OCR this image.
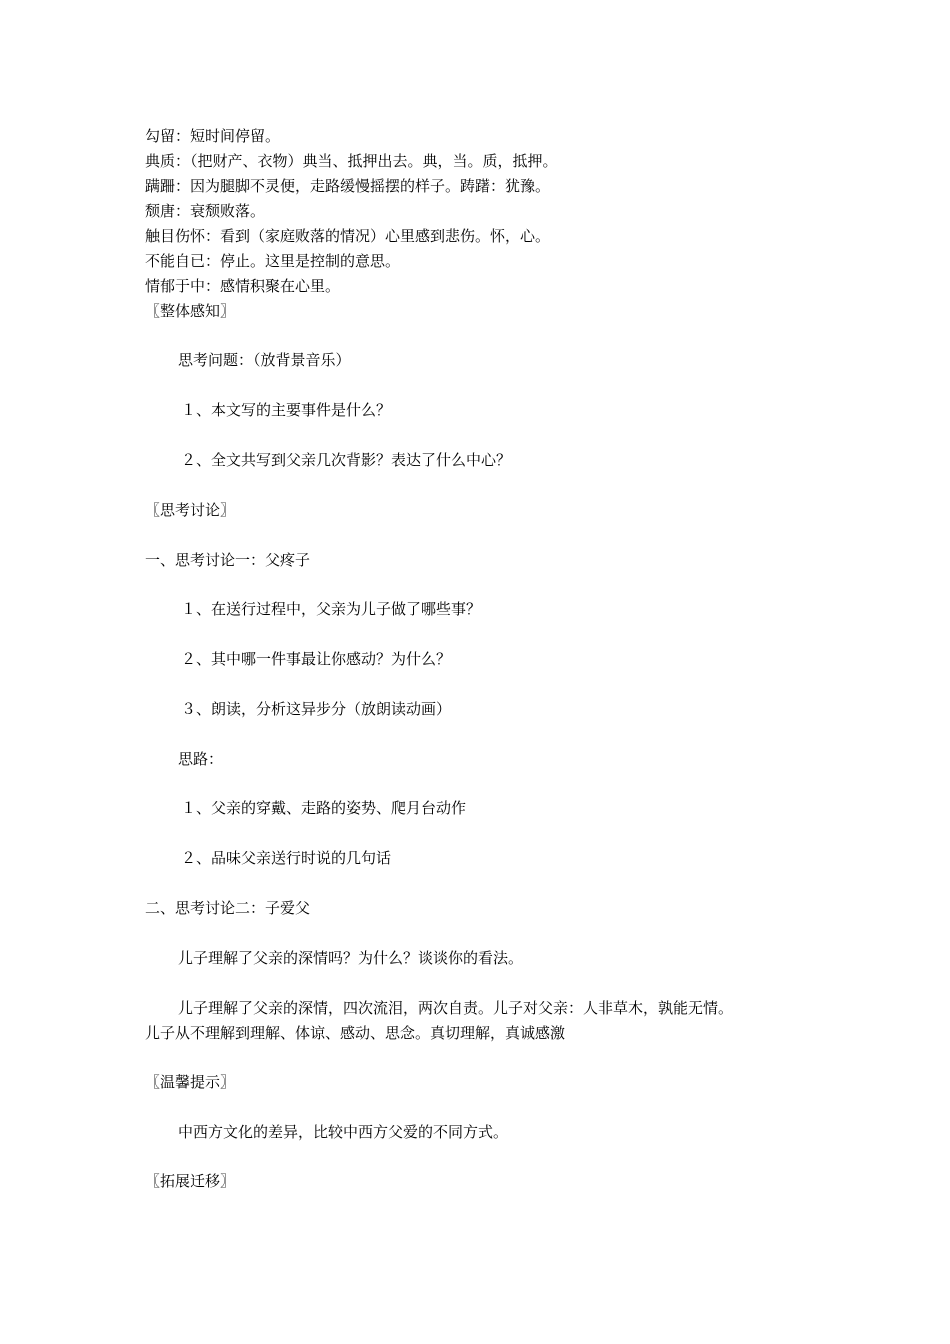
勾留：短时间停留。
典质：（把财产、衣物）典当、抵押出去。典，当。质，抵押。
蹒跚：因为腿脚不灵便，走路缓慢摇摆的样子。踌躇：犹豫。
颓唐：衰颓败落。
触目伤怀：看到（家庭败落的情况）心里感到悲伤。怀，心。
不能自已：停止。这里是控制的意思。
情郁于中：感情积聚在心里。
〖整体感知〗
思考问题：（放背景音乐）
１、本文写的主要事件是什么？
２、全文共写到父亲几次背影？表达了什么中心？
〖思考讨论〗
一、思考讨论一：父疼子
１、在送行过程中，父亲为儿子做了哪些事？
２、其中哪一件事最让你感动？为什么？
３、朗读，分析这异步分（放朗读动画）
思路：
１、父亲的穿戴、走路的姿势、爬月台动作
２、品味父亲送行时说的几句话
二、思考讨论二：子爱父
儿子理解了父亲的深情吗？为什么？谈谈你的看法。
儿子理解了父亲的深情，四次流泪，两次自责。儿子对父亲：人非草木，孰能无情。
儿子从不理解到理解、体谅、感动、思念。真切理解，真诚感激
〖温馨提示〗
中西方文化的差异，比较中西方父爱的不同方式。
〖拓展迁移〗
